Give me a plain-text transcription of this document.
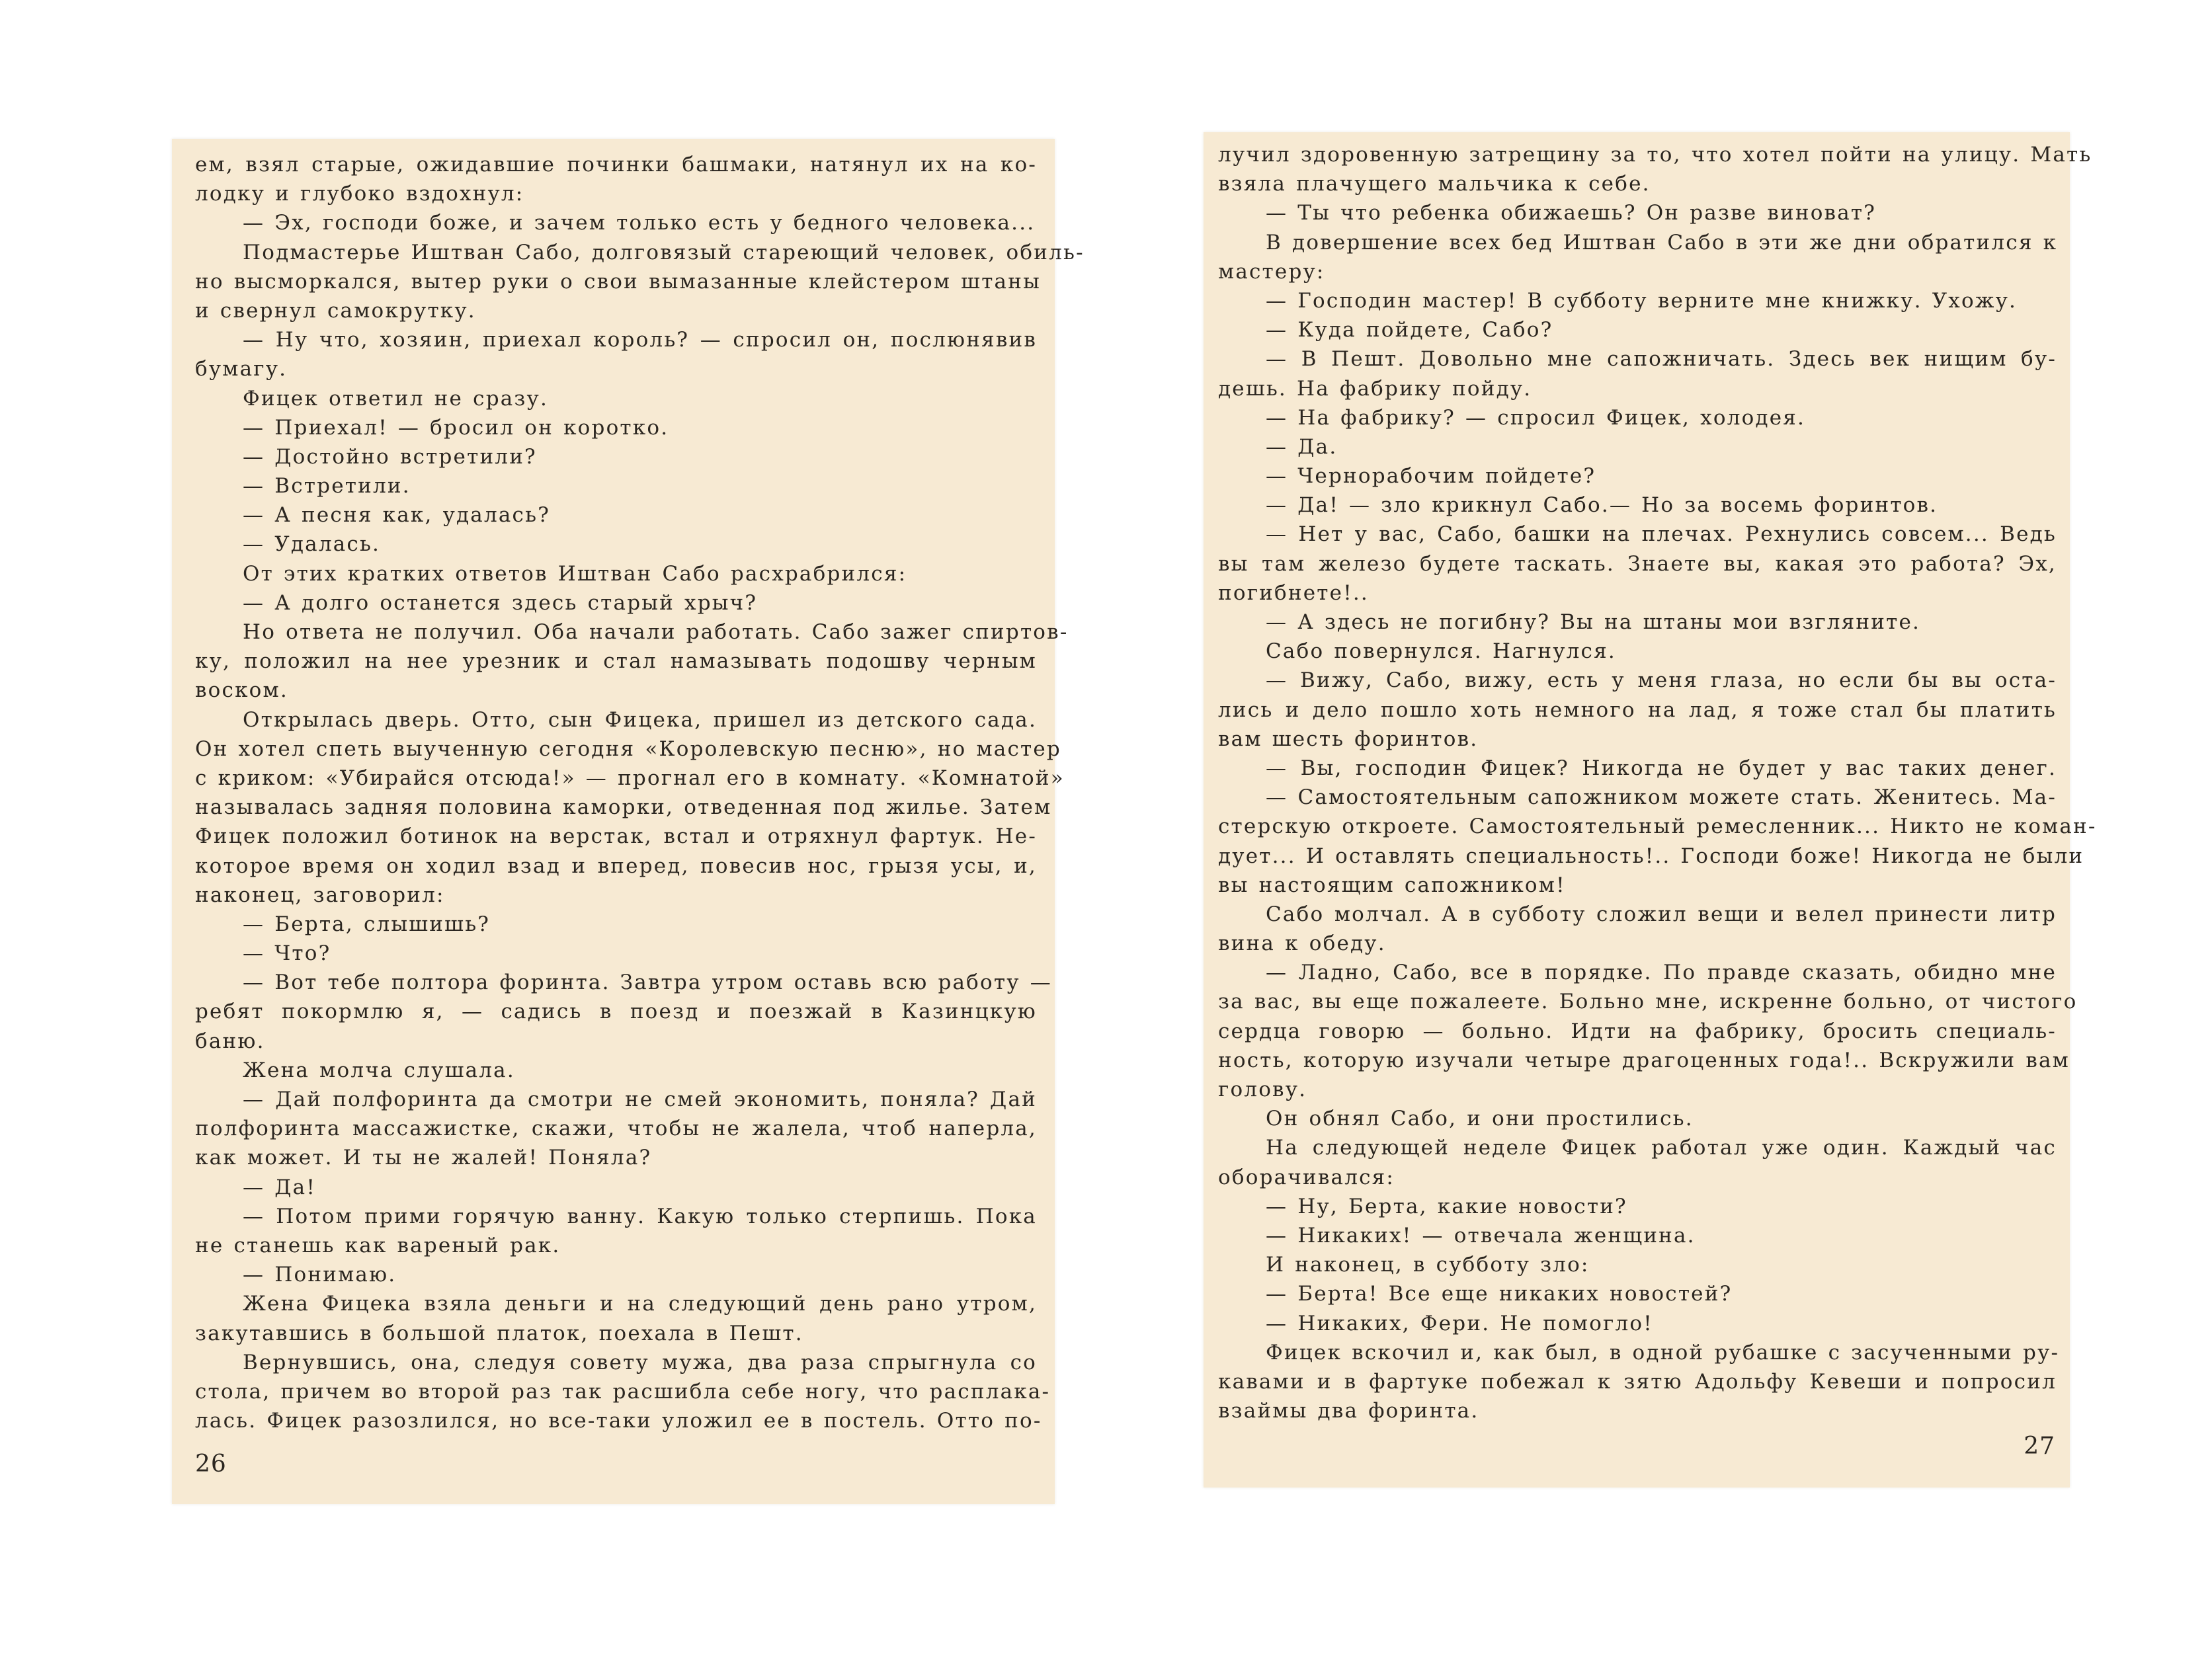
ем, взял старые, ожидавшие починки башмаки, натянул их на ко-
лодку и глубоко вздохнул:
— Эх, господи боже, и зачем только есть у бедного человека...
Подмастерье Иштван Сабо, долговязый стареющий человек, обиль-
но высморкался, вытер руки о свои вымазанные клейстером штаны
и свернул самокрутку.
— Ну что, хозяин, приехал король? — спросил он, послюнявив
бумагу.
Фицек ответил не сразу.
— Приехал! — бросил он коротко.
— Достойно встретили?
— Встретили.
— А песня как, удалась?
— Удалась.
От этих кратких ответов Иштван Сабо расхрабрился:
— А долго останется здесь старый хрыч?
Но ответа не получил. Оба начали работать. Сабо зажег спиртов-
ку, положил на нее урезник и стал намазывать подошву черным
воском.
Открылась дверь. Отто, сын Фицека, пришел из детского сада.
Он хотел спеть выученную сегодня «Королевскую песню», но мастер
с криком: «Убирайся отсюда!» — прогнал его в комнату. «Комнатой»
называлась задняя половина каморки, отведенная под жилье. Затем
Фицек положил ботинок на верстак, встал и отряхнул фартук. Не-
которое время он ходил взад и вперед, повесив нос, грызя усы, и,
наконец, заговорил:
— Берта, слышишь?
— Что?
— Вот тебе полтора форинта. Завтра утром оставь всю работу —
ребят покормлю я, — садись в поезд и поезжай в Казинцкую
баню.
Жена молча слушала.
— Дай полфоринта да смотри не смей экономить, поняла? Дай
полфоринта массажистке, скажи, чтобы не жалела, чтоб наперла,
как может. И ты не жалей! Поняла?
— Да!
— Потом прими горячую ванну. Какую только стерпишь. Пока
не станешь как вареный рак.
— Понимаю.
Жена Фицека взяла деньги и на следующий день рано утром,
закутавшись в большой платок, поехала в Пешт.
Вернувшись, она, следуя совету мужа, два раза спрыгнула со
стола, причем во второй раз так расшибла себе ногу, что расплака-
лась. Фицек разозлился, но все-таки уложил ее в постель. Отто по-
26
лучил здоровенную затрещину за то, что хотел пойти на улицу. Мать
взяла плачущего мальчика к себе.
— Ты что ребенка обижаешь? Он разве виноват?
В довершение всех бед Иштван Сабо в эти же дни обратился к
мастеру:
— Господин мастер! В субботу верните мне книжку. Ухожу.
— Куда пойдете, Сабо?
— В Пешт. Довольно мне сапожничать. Здесь век нищим бу-
дешь. На фабрику пойду.
— На фабрику? — спросил Фицек, холодея.
— Да.
— Чернорабочим пойдете?
— Да! — зло крикнул Сабо.— Но за восемь форинтов.
— Нет у вас, Сабо, башки на плечах. Рехнулись совсем... Ведь
вы там железо будете таскать. Знаете вы, какая это работа? Эх,
погибнете!..
— А здесь не погибну? Вы на штаны мои взгляните.
Сабо повернулся. Нагнулся.
— Вижу, Сабо, вижу, есть у меня глаза, но если бы вы оста-
лись и дело пошло хоть немного на лад, я тоже стал бы платить
вам шесть форинтов.
— Вы, господин Фицек? Никогда не будет у вас таких денег.
— Самостоятельным сапожником можете стать. Женитесь. Ма-
стерскую откроете. Самостоятельный ремесленник... Никто не коман-
дует... И оставлять специальность!.. Господи боже! Никогда не были
вы настоящим сапожником!
Сабо молчал. А в субботу сложил вещи и велел принести литр
вина к обеду.
— Ладно, Сабо, все в порядке. По правде сказать, обидно мне
за вас, вы еще пожалеете. Больно мне, искренне больно, от чистого
сердца говорю — больно. Идти на фабрику, бросить специаль-
ность, которую изучали четыре драгоценных года!.. Вскружили вам
голову.
Он обнял Сабо, и они простились.
На следующей неделе Фицек работал уже один. Каждый час
оборачивался:
— Ну, Берта, какие новости?
— Никаких! — отвечала женщина.
И наконец, в субботу зло:
— Берта! Все еще никаких новостей?
— Никаких, Фери. Не помогло!
Фицек вскочил и, как был, в одной рубашке с засученными ру-
кавами и в фартуке побежал к зятю Адольфу Кевеши и попросил
взаймы два форинта.
27
